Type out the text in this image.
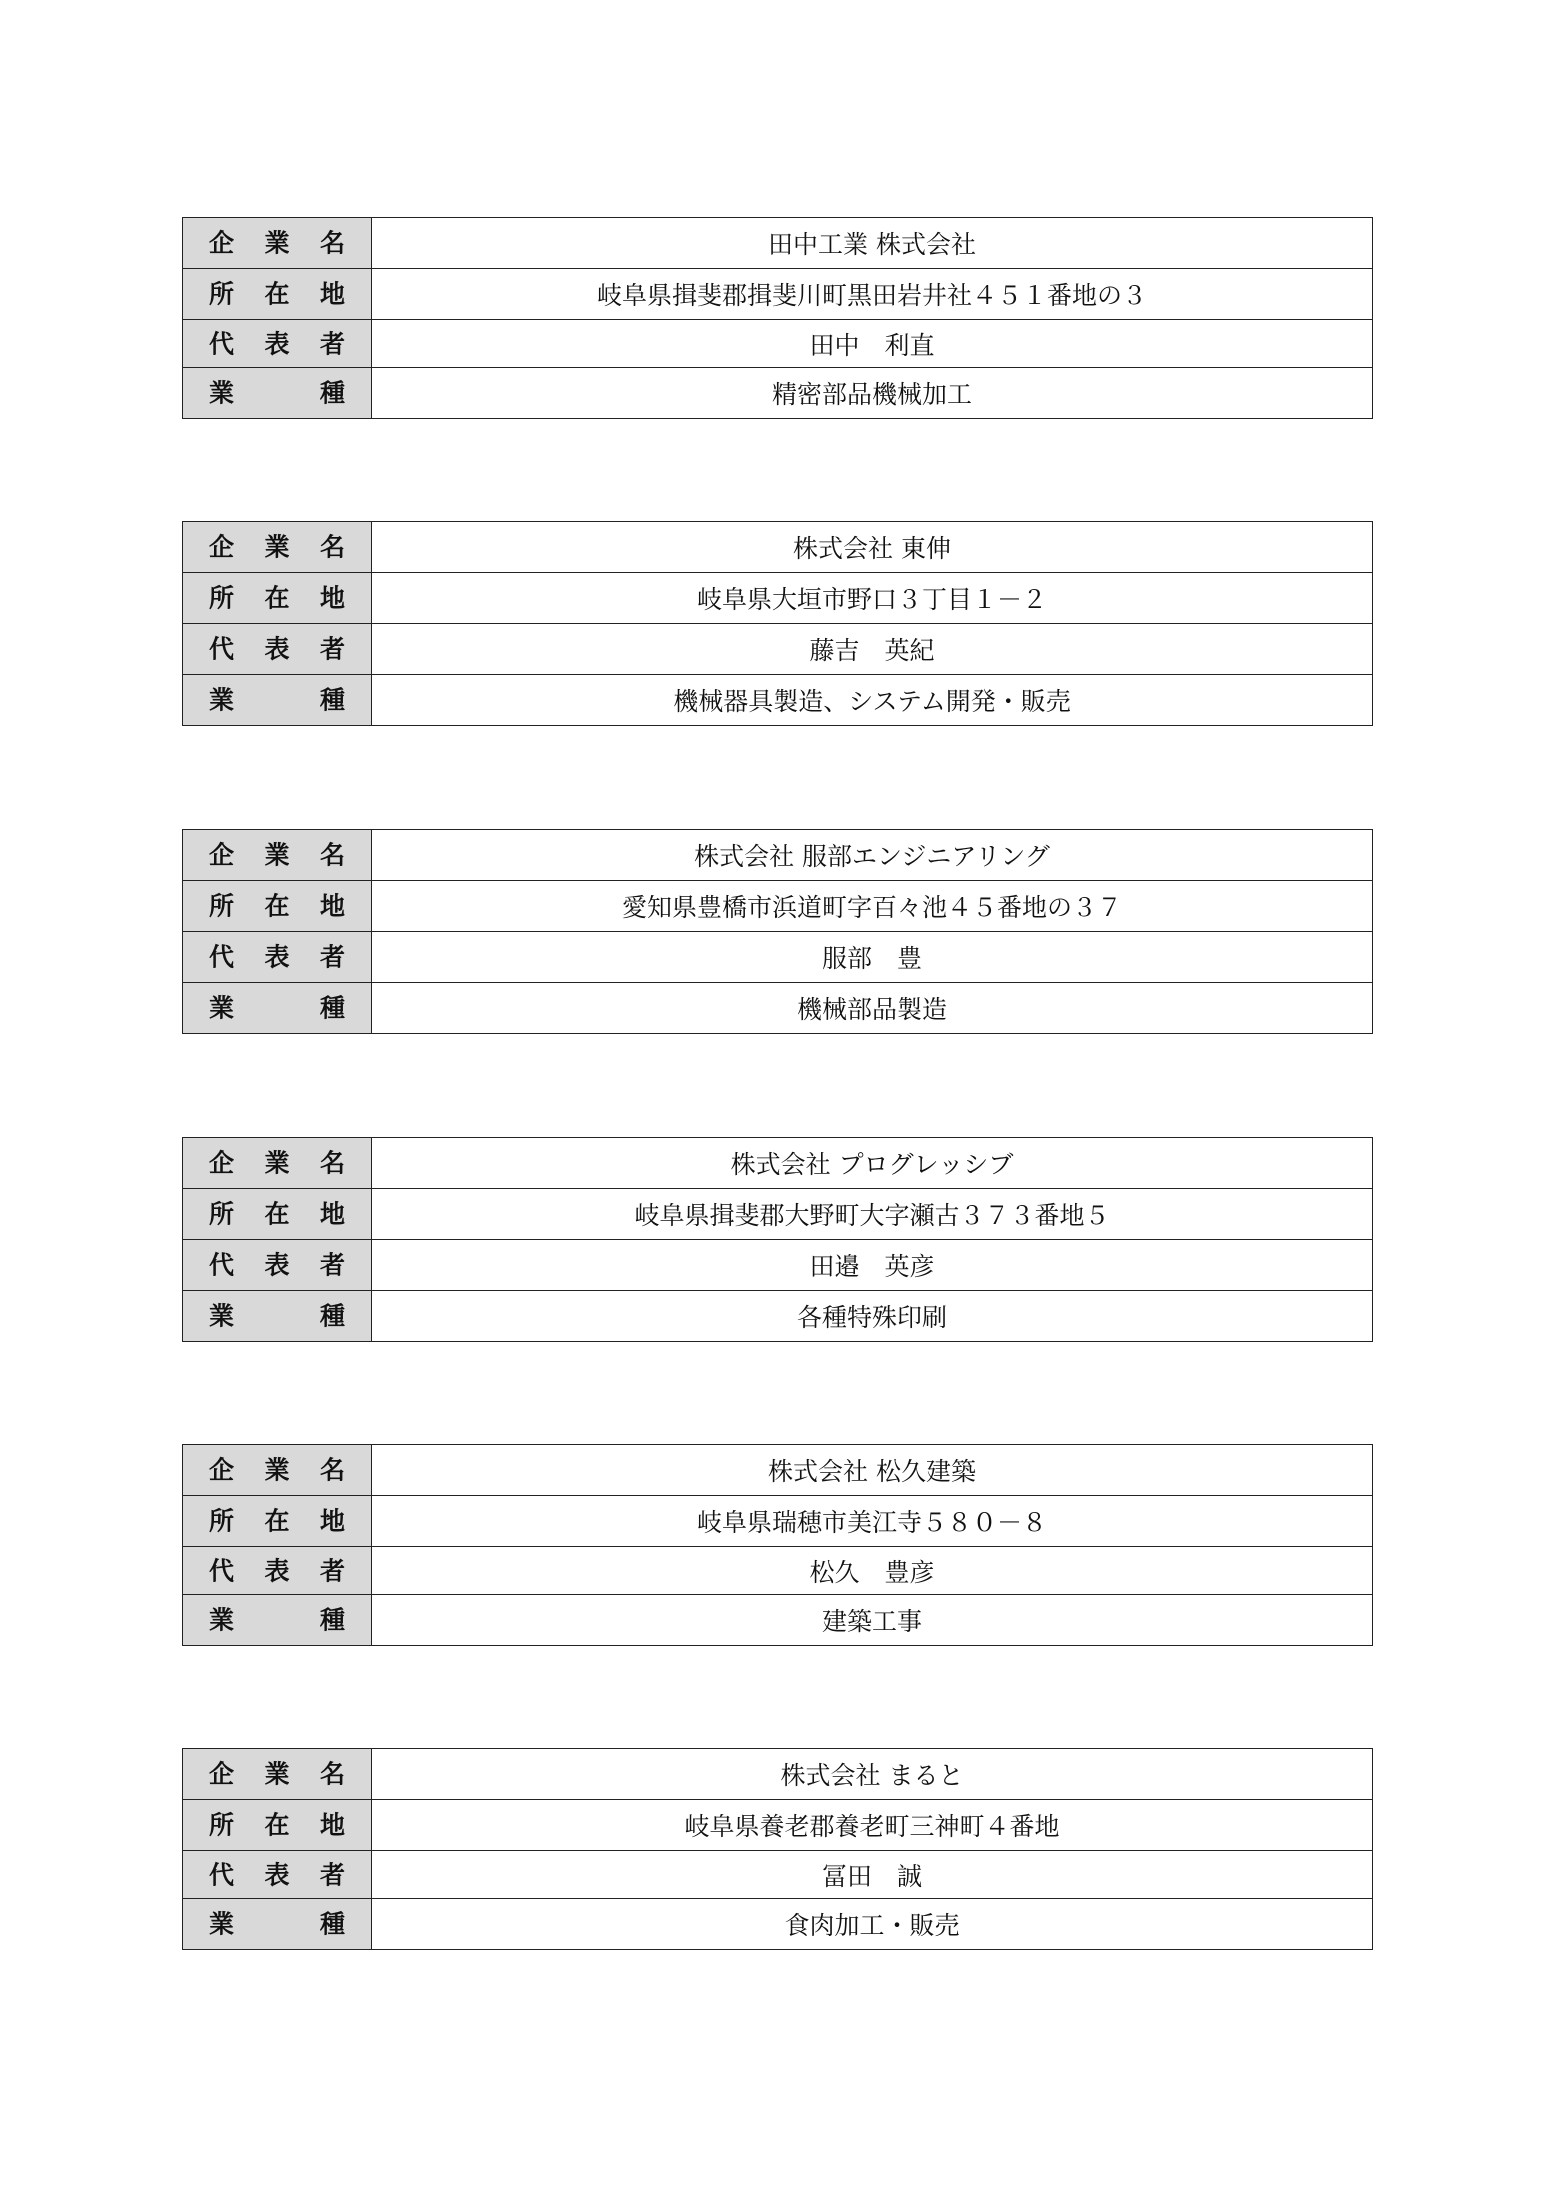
企 業 名	田中工業 株式会社

所 在 地	岐阜県揖斐郡揖斐川町黒田岩井社４５１番地の３

代 表 者	田中　利直

業 種	精密部品機械加工
企 業 名	株式会社 東伸

所 在 地	岐阜県大垣市野口３丁目１－２

代 表 者	藤吉　英紀

業 種	機械器具製造、システム開発・販売
企 業 名	株式会社 服部エンジニアリング

所 在 地	愛知県豊橋市浜道町字百々池４５番地の３７

代 表 者	服部　豊

業 種	機械部品製造
企 業 名	株式会社 プログレッシブ

所 在 地	岐阜県揖斐郡大野町大字瀬古３７３番地５

代 表 者	田邉　英彦

業 種	各種特殊印刷
企 業 名	株式会社 松久建築

所 在 地	岐阜県瑞穂市美江寺５８０－８

代 表 者	松久　豊彦

業 種	建築工事
企 業 名	株式会社 まると

所 在 地	岐阜県養老郡養老町三神町４番地

代 表 者	冨田　誠

業 種	食肉加工・販売
